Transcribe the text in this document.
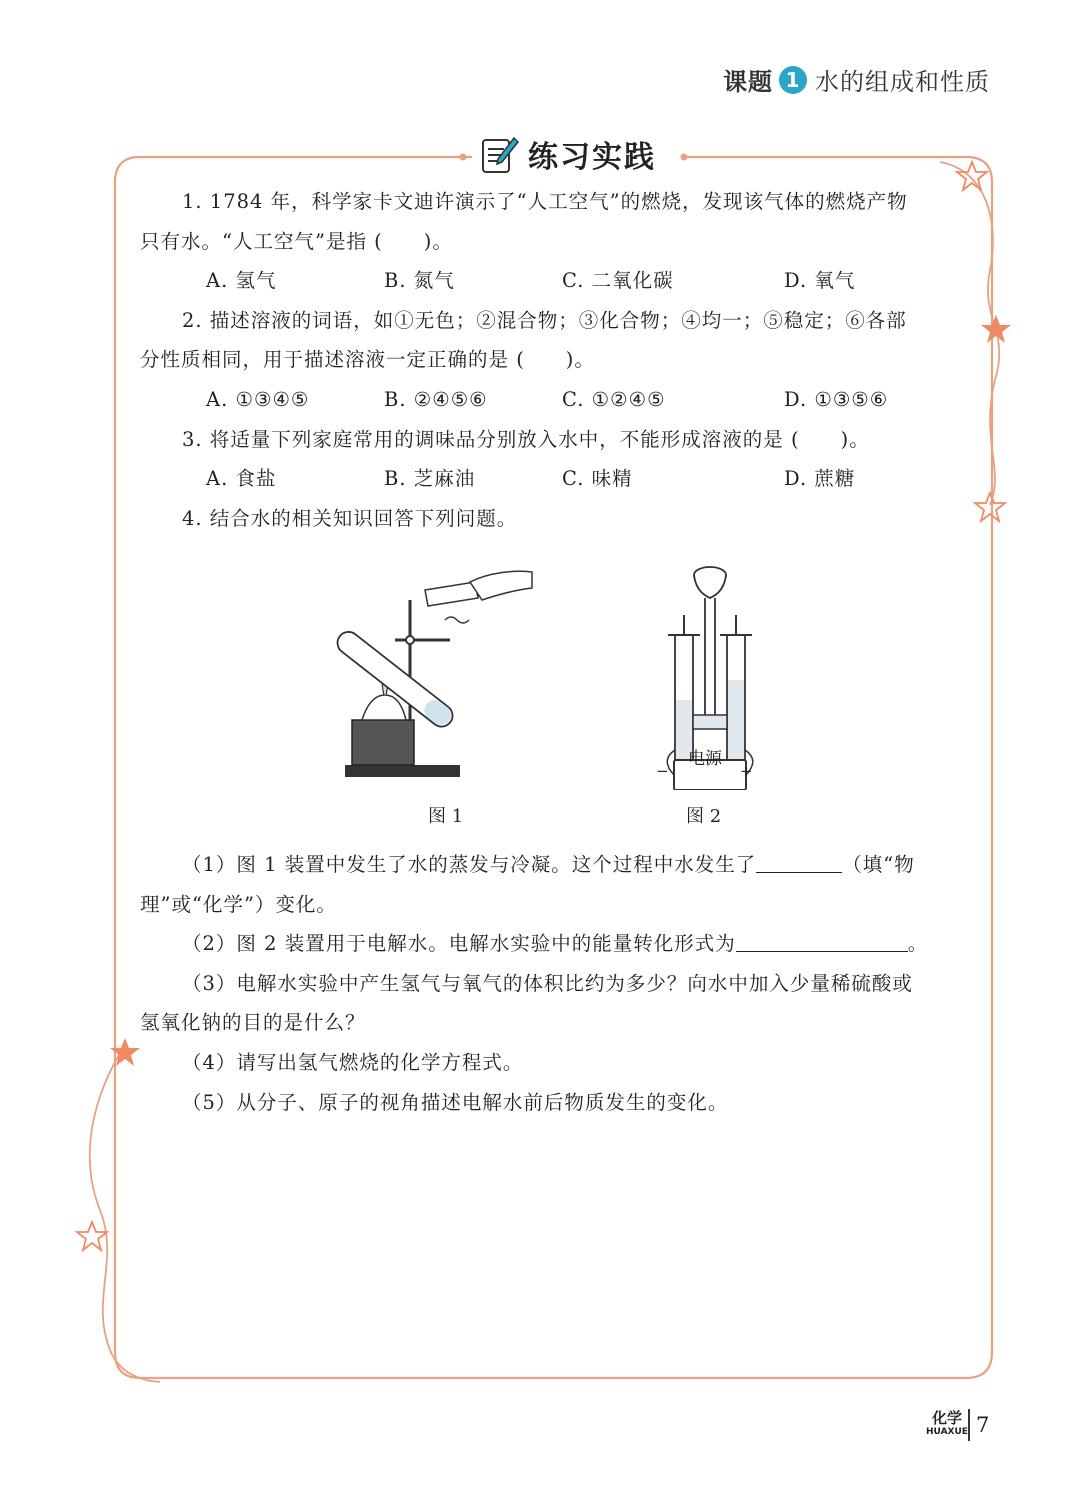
课题 1 水的组成和性质
练习实践

1. 1784 年，科学家卡文迪许演示了“人工空气”的燃烧，发现该气体的燃烧产物

只有水。“人工空气”是指 (　　)。

A. 氢气	B. 氮气	C. 二氧化碳	D. 氧气

2. 描述溶液的词语，如①无色；②混合物；③化合物；④均一；⑤稳定；⑥各部

分性质相同，用于描述溶液一定正确的是 (　　)。

A. ①③④⑤	B. ②④⑤⑥	C. ①②④⑤	D. ①③⑤⑥

3. 将适量下列家庭常用的调味品分别放入水中，不能形成溶液的是 (　　)。

A. 食盐	B. 芝麻油	C. 味精	D. 蔗糖

4. 结合水的相关知识回答下列问题。

电源
−	+
图 1	图 2

（1）图 1 装置中发生了水的蒸发与冷凝。这个过程中水发生了	（填“物

理”或“化学”）变化。

（2）图 2 装置用于电解水。电解水实验中的能量转化形式为	。

（3）电解水实验中产生氢气与氧气的体积比约为多少？向水中加入少量稀硫酸或

氢氧化钠的目的是什么？

（4）请写出氢气燃烧的化学方程式。

（5）从分子、原子的视角描述电解水前后物质发生的变化。

化学
HUAXUE 7
